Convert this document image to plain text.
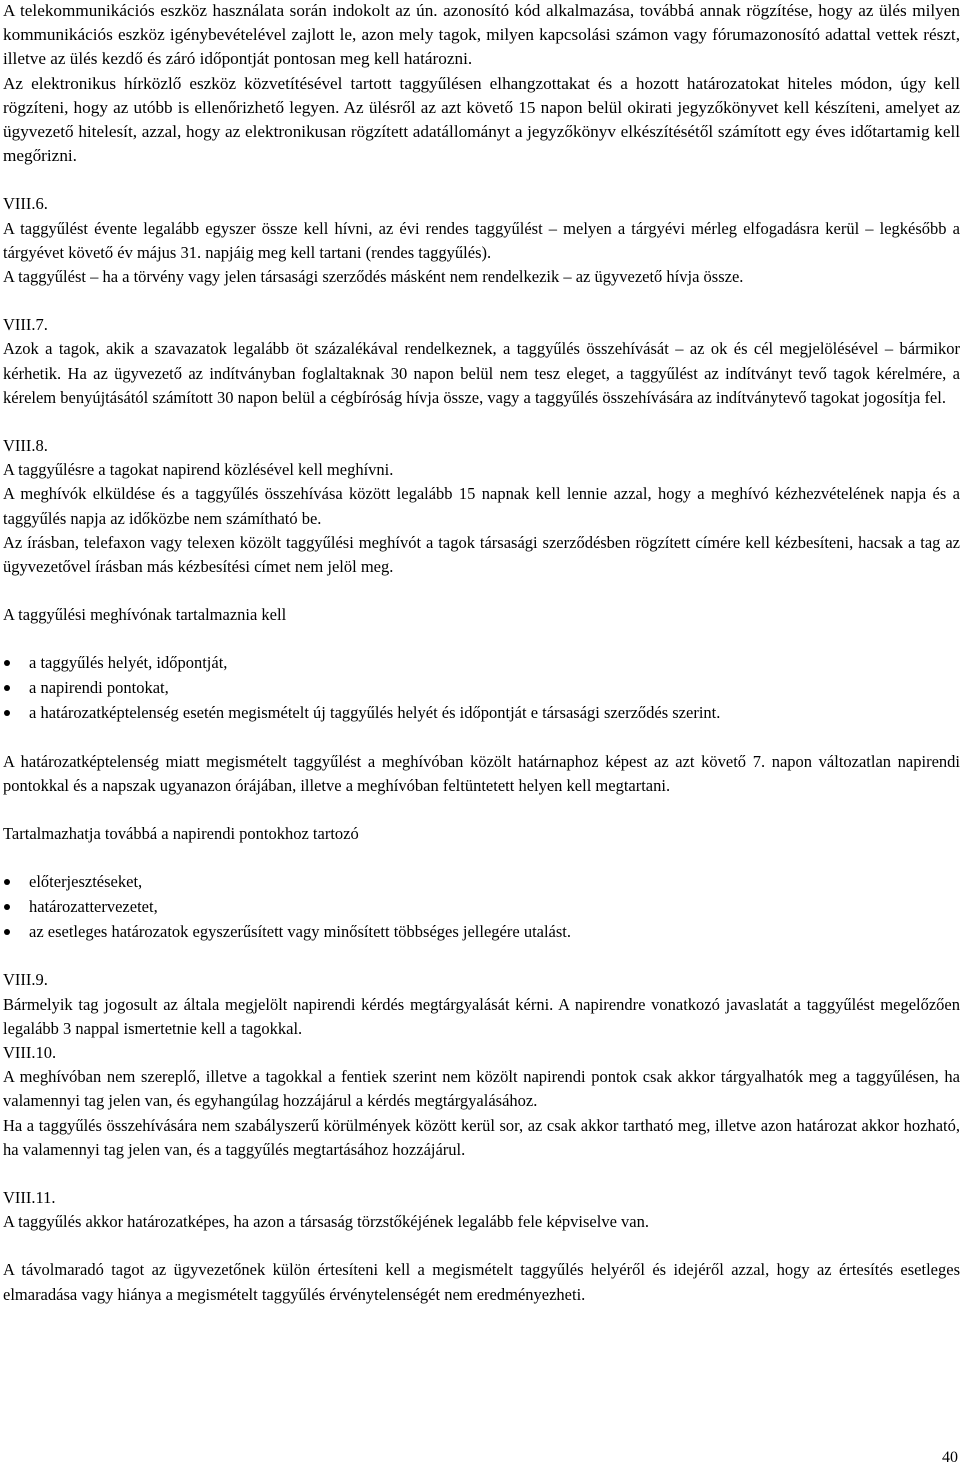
A telekommunikációs eszköz használata során indokolt az ún. azonosító kód alkalmazása, továbbá annak rögzítése, hogy az ülés milyen kommunikációs eszköz igénybevételével zajlott le, azon mely tagok, milyen kapcsolási számon vagy fórumazonosító adattal vettek részt, illetve az ülés kezdő és záró időpontját pontosan meg kell határozni.

Az elektronikus hírközlő eszköz közvetítésével tartott taggyűlésen elhangzottakat és a hozott határozatokat hiteles módon, úgy kell rögzíteni, hogy az utóbb is ellenőrizhető legyen. Az ülésről az azt követő 15 napon belül okirati jegyzőkönyvet kell készíteni, amelyet az ügyvezető hitelesít, azzal, hogy az elektronikusan rögzített adatállományt a jegyzőkönyv elkészítésétől számított egy éves időtartamig kell megőrizni.

VIII.6.

A taggyűlést évente legalább egyszer össze kell hívni, az évi rendes taggyűlést – melyen a tárgyévi mérleg elfogadásra kerül – legkésőbb a tárgyévet követő év május 31. napjáig meg kell tartani (rendes taggyűlés).

A taggyűlést – ha a törvény vagy jelen társasági szerződés másként nem rendelkezik – az ügyvezető hívja össze.

VIII.7.

Azok a tagok, akik a szavazatok legalább öt százalékával rendelkeznek, a taggyűlés összehívását – az ok és cél megjelölésével – bármikor kérhetik. Ha az ügyvezető az indítványban foglaltaknak 30 napon belül nem tesz eleget, a taggyűlést az indítványt tevő tagok kérelmére, a kérelem benyújtásától számított 30 napon belül a cégbíróság hívja össze, vagy a taggyűlés összehívására az indítványtevő tagokat jogosítja fel.

VIII.8.

A taggyűlésre a tagokat napirend közlésével kell meghívni.

A meghívók elküldése és a taggyűlés összehívása között legalább 15 napnak kell lennie azzal, hogy a meghívó kézhezvételének napja és a taggyűlés napja az időközbe nem számítható be.

Az írásban, telefaxon vagy telexen közölt taggyűlési meghívót a tagok társasági szerződésben rögzített címére kell kézbesíteni, hacsak a tag az ügyvezetővel írásban más kézbesítési címet nem jelöl meg.

A taggyűlési meghívónak tartalmaznia kell

a taggyűlés helyét, időpontját,
a napirendi pontokat,
a határozatképtelenség esetén megismételt új taggyűlés helyét és időpontját e társasági szerződés szerint.

A határozatképtelenség miatt megismételt taggyűlést a meghívóban közölt határnaphoz képest az azt követő 7. napon változatlan napirendi pontokkal és a napszak ugyanazon órájában, illetve a meghívóban feltüntetett helyen kell megtartani.

Tartalmazhatja továbbá a napirendi pontokhoz tartozó

előterjesztéseket,
határozattervezetet,
az esetleges határozatok egyszerűsített vagy minősített többséges jellegére utalást.

VIII.9.

Bármelyik tag jogosult az általa megjelölt napirendi kérdés megtárgyalását kérni. A napirendre vonatkozó javaslatát a taggyűlést megelőzően legalább 3 nappal ismertetnie kell a tagokkal.

VIII.10.

A meghívóban nem szereplő, illetve a tagokkal a fentiek szerint nem közölt napirendi pontok csak akkor tárgyalhatók meg a taggyűlésen, ha valamennyi tag jelen van, és egyhangúlag hozzájárul a kérdés megtárgyalásához.

Ha a taggyűlés összehívására nem szabályszerű körülmények között kerül sor, az csak akkor tartható meg, illetve azon határozat akkor hozható, ha valamennyi tag jelen van, és a taggyűlés megtartásához hozzájárul.

VIII.11.

A taggyűlés akkor határozatképes, ha azon a társaság törzstőkéjének legalább fele képviselve van.

A távolmaradó tagot az ügyvezetőnek külön értesíteni kell a megismételt taggyűlés helyéről és idejéről azzal, hogy az értesítés esetleges elmaradása vagy hiánya a megismételt taggyűlés érvénytelenségét nem eredményezheti.

40
